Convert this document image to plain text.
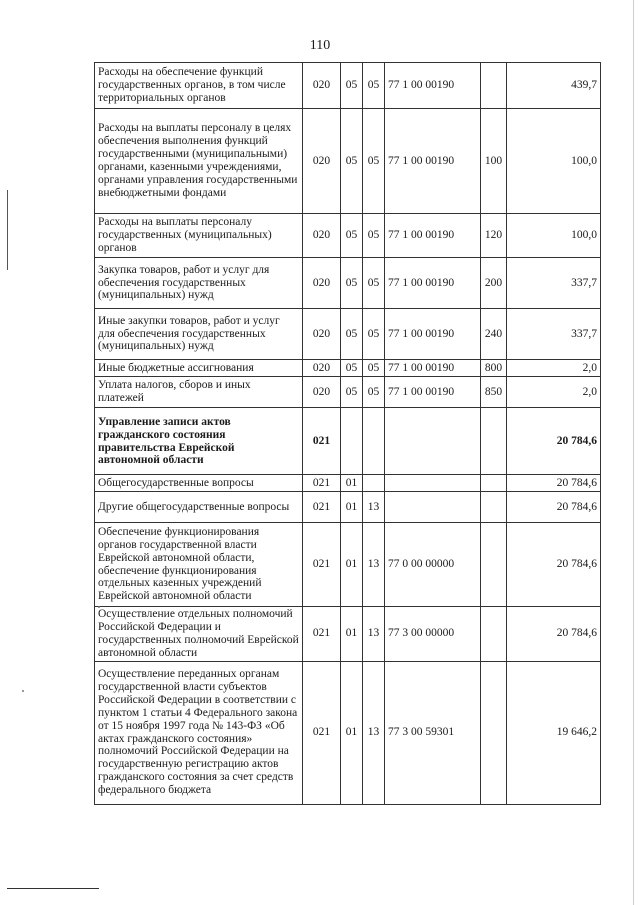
110
Расходы на обеспечение функций государственных органов, в том числе территориальных органов	020	05	05	77 1 00 00190		439,7
Расходы на выплаты персоналу в целях обеспечения выполнения функций государственными (муниципальными) органами, казенными учреждениями, органами управления государственными внебюджетными фондами	020	05	05	77 1 00 00190	100	100,0
Расходы на выплаты персоналу государственных (муниципальных) органов	020	05	05	77 1 00 00190	120	100,0
Закупка товаров, работ и услуг для обеспечения государственных (муниципальных) нужд	020	05	05	77 1 00 00190	200	337,7
Иные закупки товаров, работ и услуг для обеспечения государственных (муниципальных) нужд	020	05	05	77 1 00 00190	240	337,7
Иные бюджетные ассигнования	020	05	05	77 1 00 00190	800	2,0
Уплата налогов, сборов и иных платежей	020	05	05	77 1 00 00190	850	2,0
Управление записи актов гражданского состояния правительства Еврейской автономной области	021					20 784,6
Общегосударственные вопросы	021	01				20 784,6
Другие общегосударственные вопросы	021	01	13			20 784,6
Обеспечение функционирования органов государственной власти Еврейской автономной области, обеспечение функционирования отдельных казенных учреждений Еврейской автономной области	021	01	13	77 0 00 00000		20 784,6
Осуществление отдельных полномочий Российской Федерации и государственных полномочий Еврейской автономной области	021	01	13	77 3 00 00000		20 784,6
Осуществление переданных органам государственной власти субъектов Российской Федерации в соответствии с пунктом 1 статьи 4 Федерального закона от 15 ноября 1997 года № 143-ФЗ «Об актах гражданского состояния» полномочий Российской Федерации на государственную регистрацию актов гражданского состояния за счет средств федерального бюджета	021	01	13	77 3 00 59301		19 646,2
